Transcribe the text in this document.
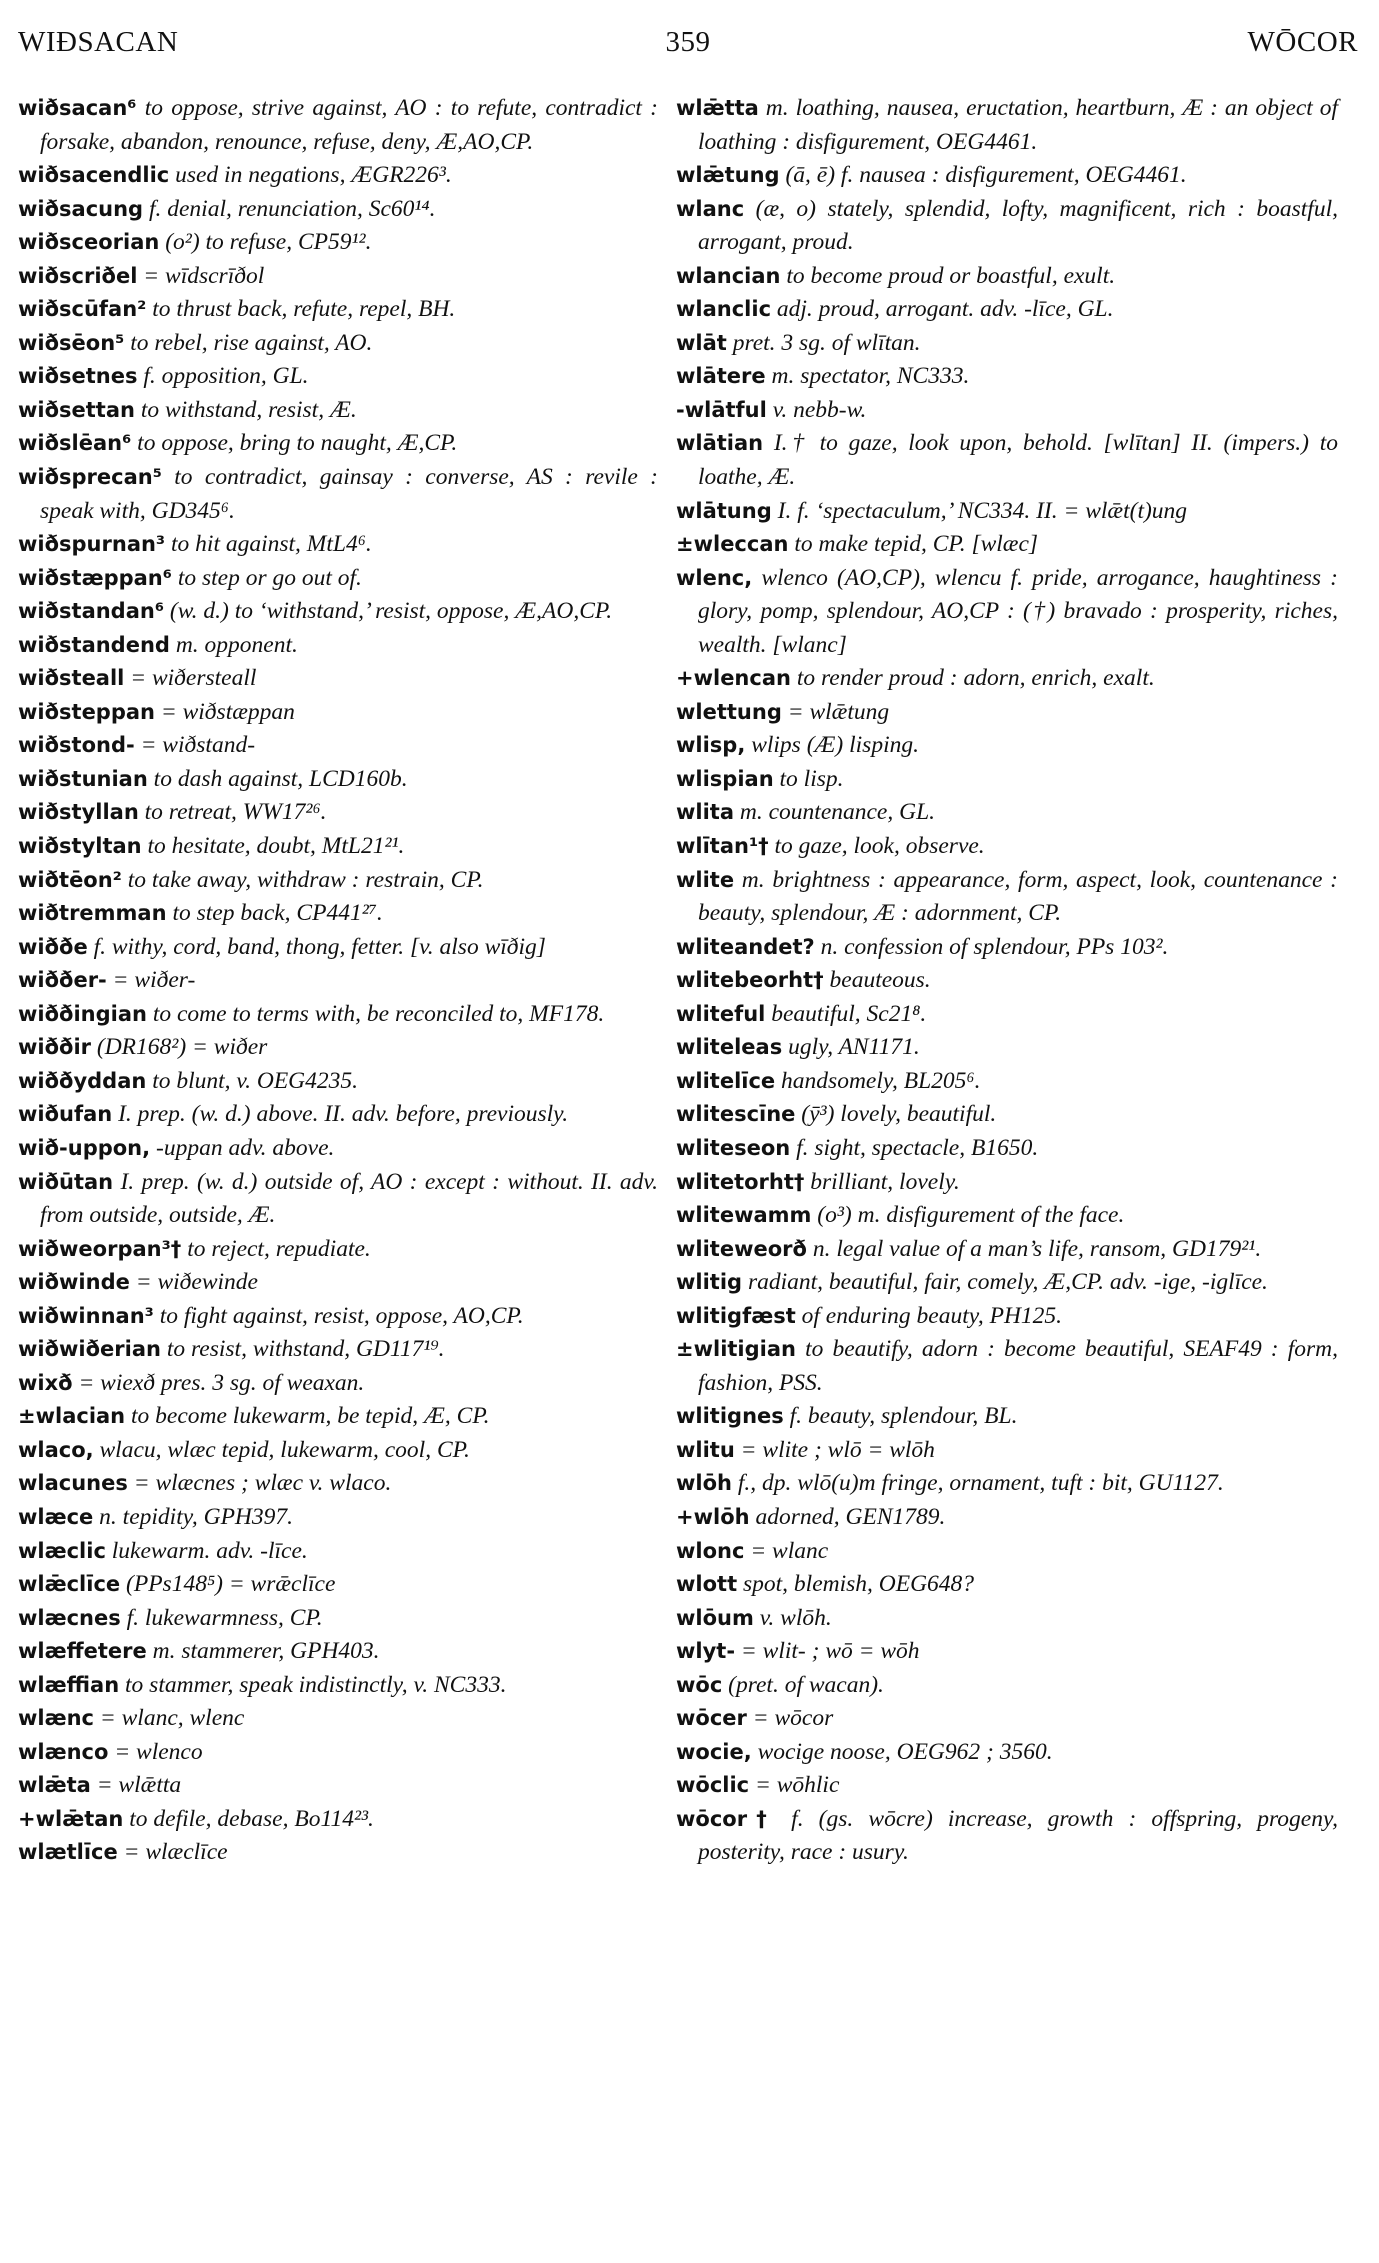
WIÐSACAN	359	WŌCOR

wiðsacan⁶ to oppose, strive against, AO : to refute, contradict : forsake, abandon, renounce, refuse, deny, Æ,AO,CP.

wiðsacendlic used in negations, ÆGR226³.

wiðsacung f. denial, renunciation, Sc60¹⁴.

wiðsceorian (o²) to refuse, CP59¹².

wiðscriðel = wīdscrīðol

wiðscūfan² to thrust back, refute, repel, BH.

wiðsēon⁵ to rebel, rise against, AO.

wiðsetnes f. opposition, GL.

wiðsettan to withstand, resist, Æ.

wiðslēan⁶ to oppose, bring to naught, Æ,CP.

wiðsprecan⁵ to contradict, gainsay : converse, AS : revile : speak with, GD345⁶.

wiðspurnan³ to hit against, MtL4⁶.

wiðstæppan⁶ to step or go out of.

wiðstandan⁶ (w. d.) to ‘withstand,’ resist, oppose, Æ,AO,CP.

wiðstandend m. opponent.

wiðsteall = wiðersteall

wiðsteppan = wiðstæppan

wiðstond- = wiðstand-

wiðstunian to dash against, LCD160b.

wiðstyllan to retreat, WW17²⁶.

wiðstyltan to hesitate, doubt, MtL21²¹.

wiðtēon² to take away, withdraw : restrain, CP.

wiðtremman to step back, CP441²⁷.

wiððe f. withy, cord, band, thong, fetter. [v. also wīðig]

wiððer- = wiðer-

wiððingian to come to terms with, be reconciled to, MF178.

wiððir (DR168²) = wiðer

wiððyddan to blunt, v. OEG4235.

wiðufan I. prep. (w. d.) above. II. adv. before, previously.

wið-uppon, -uppan adv. above.

wiðūtan I. prep. (w. d.) outside of, AO : except : without. II. adv. from outside, outside, Æ.

wiðweorpan³† to reject, repudiate.

wiðwinde = wiðewinde

wiðwinnan³ to fight against, resist, oppose, AO,CP.

wiðwiðerian to resist, withstand, GD117¹⁹.

wixð = wiexð pres. 3 sg. of weaxan.

±wlacian to become lukewarm, be tepid, Æ, CP.

wlaco, wlacu, wlæc tepid, lukewarm, cool, CP.

wlacunes = wlæcnes ; wlæc v. wlaco.

wlæce n. tepidity, GPH397.

wlæclic lukewarm. adv. -līce.

wlǣclīce (PPs148⁵) = wrǣclīce

wlæcnes f. lukewarmness, CP.

wlæffetere m. stammerer, GPH403.

wlæffian to stammer, speak indistinctly, v. NC333.

wlænc = wlanc, wlenc

wlænco = wlenco

wlǣta = wlǣtta

+wlǣtan to defile, debase, Bo114²³.

wlætlīce = wlæclīce

wlǣtta m. loathing, nausea, eructation, heartburn, Æ : an object of loathing : disfigurement, OEG4461.

wlǣtung (ā, ē) f. nausea : disfigurement, OEG4461.

wlanc (æ, o) stately, splendid, lofty, magnificent, rich : boastful, arrogant, proud.

wlancian to become proud or boastful, exult.

wlanclic adj. proud, arrogant. adv. -līce, GL.

wlāt pret. 3 sg. of wlītan.

wlātere m. spectator, NC333.

-wlātful v. nebb-w.

wlātian I.† to gaze, look upon, behold. [wlītan] II. (impers.) to loathe, Æ.

wlātung I. f. ‘spectaculum,’ NC334. II. = wlǣt(t)ung

±wleccan to make tepid, CP. [wlæc]

wlenc, wlenco (AO,CP), wlencu f. pride, arrogance, haughtiness : glory, pomp, splendour, AO,CP : (†) bravado : prosperity, riches, wealth. [wlanc]

+wlencan to render proud : adorn, enrich, exalt.

wlettung = wlǣtung

wlisp, wlips (Æ) lisping.

wlispian to lisp.

wlita m. countenance, GL.

wlītan¹† to gaze, look, observe.

wlite m. brightness : appearance, form, aspect, look, countenance : beauty, splendour, Æ : adornment, CP.

wliteandet? n. confession of splendour, PPs 103².

wlitebeorht† beauteous.

wliteful beautiful, Sc21⁸.

wliteleas ugly, AN1171.

wlitelīce handsomely, BL205⁶.

wlitescīne (ȳ³) lovely, beautiful.

wliteseon f. sight, spectacle, B1650.

wlitetorht† brilliant, lovely.

wlitewamm (o³) m. disfigurement of the face.

wliteweorð n. legal value of a man’s life, ransom, GD179²¹.

wlitig radiant, beautiful, fair, comely, Æ,CP. adv. -ige, -iglīce.

wlitigfæst of enduring beauty, PH125.

±wlitigian to beautify, adorn : become beautiful, SEAF49 : form, fashion, PSS.

wlitignes f. beauty, splendour, BL.

wlitu = wlite ; wlō = wlōh

wlōh f., dp. wlō(u)m fringe, ornament, tuft : bit, GU1127.

+wlōh adorned, GEN1789.

wlonc = wlanc

wlott spot, blemish, OEG648?

wlōum v. wlōh.

wlyt- = wlit- ; wō = wōh

wōc (pret. of wacan).

wōcer = wōcor

wocie, wocige noose, OEG962 ; 3560.

wōclic = wōhlic

wōcor† f. (gs. wōcre) increase, growth : offspring, progeny, posterity, race : usury.
